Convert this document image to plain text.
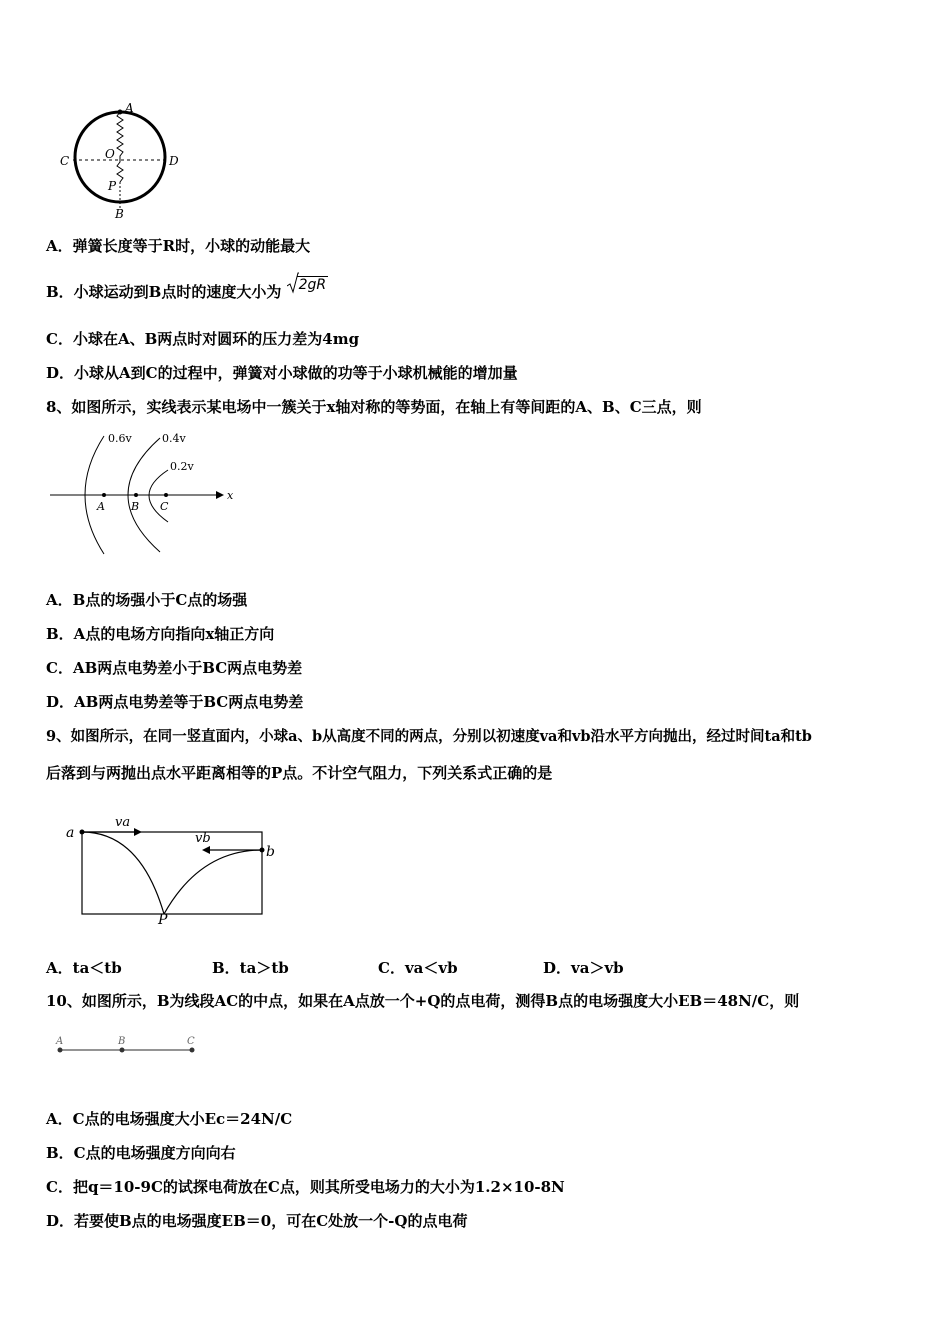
A
C	D
O
P
B
A．弹簧长度等于R时，小球的动能最大
B．小球运动到B点时的速度大小为 2gR
C．小球在A、B两点时对圆环的压力差为4mg
D．小球从A到C的过程中，弹簧对小球做的功等于小球机械能的增加量
8、如图所示，实线表示某电场中一簇关于x轴对称的等势面，在轴上有等间距的A、B、C三点，则
x
0.6v	0.4v
0.2v
A B C
A．B点的场强小于C点的场强
B．A点的电场方向指向x轴正方向
C．AB两点电势差小于BC两点电势差
D．AB两点电势差等于BC两点电势差
9、如图所示，在同一竖直面内，小球a、b从高度不同的两点，分别以初速度va和vb沿水平方向抛出，经过时间ta和tb
后落到与两抛出点水平距离相等的P点。不计空气阻力，下列关系式正确的是
a
b
va
vb
P
A．ta＜tb	B．ta＞tb	C．va＜vb	D．va＞vb
10、如图所示，B为线段AC的中点，如果在A点放一个+Q的点电荷，测得B点的电场强度大小EB＝48N/C，则
A	B	C
A．C点的电场强度大小Ec＝24N/C
B．C点的电场强度方向向右
C．把q＝10-9C的试探电荷放在C点，则其所受电场力的大小为1.2×10-8N
D．若要使B点的电场强度EB＝0，可在C处放一个-Q的点电荷
